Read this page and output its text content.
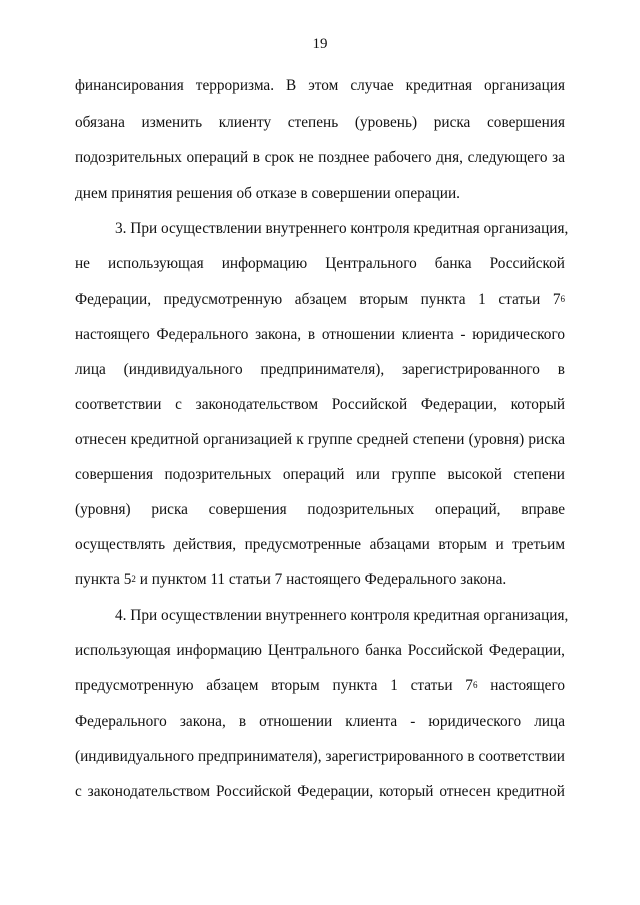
19
финансирования терроризма. В этом случае кредитная организация
обязана изменить клиенту степень (уровень) риска совершения
подозрительных операций в срок не позднее рабочего дня, следующего за
днем принятия решения об отказе в совершении операции.
3. При осуществлении внутреннего контроля кредитная организация,
не использующая информацию Центрального банка Российской
Федерации, предусмотренную абзацем вторым пункта 1 статьи $7^6$
настоящего Федерального закона, в отношении клиента - юридического
лица (индивидуального предпринимателя), зарегистрированного в
соответствии с законодательством Российской Федерации, который
отнесен кредитной организацией к группе средней степени (уровня) риска
совершения подозрительных операций или группе высокой степени
(уровня) риска совершения подозрительных операций, вправе
осуществлять действия, предусмотренные абзацами вторым и третьим
пункта $5^2$ и пунктом 11 статьи 7 настоящего Федерального закона.
4. При осуществлении внутреннего контроля кредитная организация,
использующая информацию Центрального банка Российской Федерации,
предусмотренную абзацем вторым пункта 1 статьи $7^6$ настоящего
Федерального закона, в отношении клиента - юридического лица
(индивидуального предпринимателя), зарегистрированного в соответствии
с законодательством Российской Федерации, который отнесен кредитной
